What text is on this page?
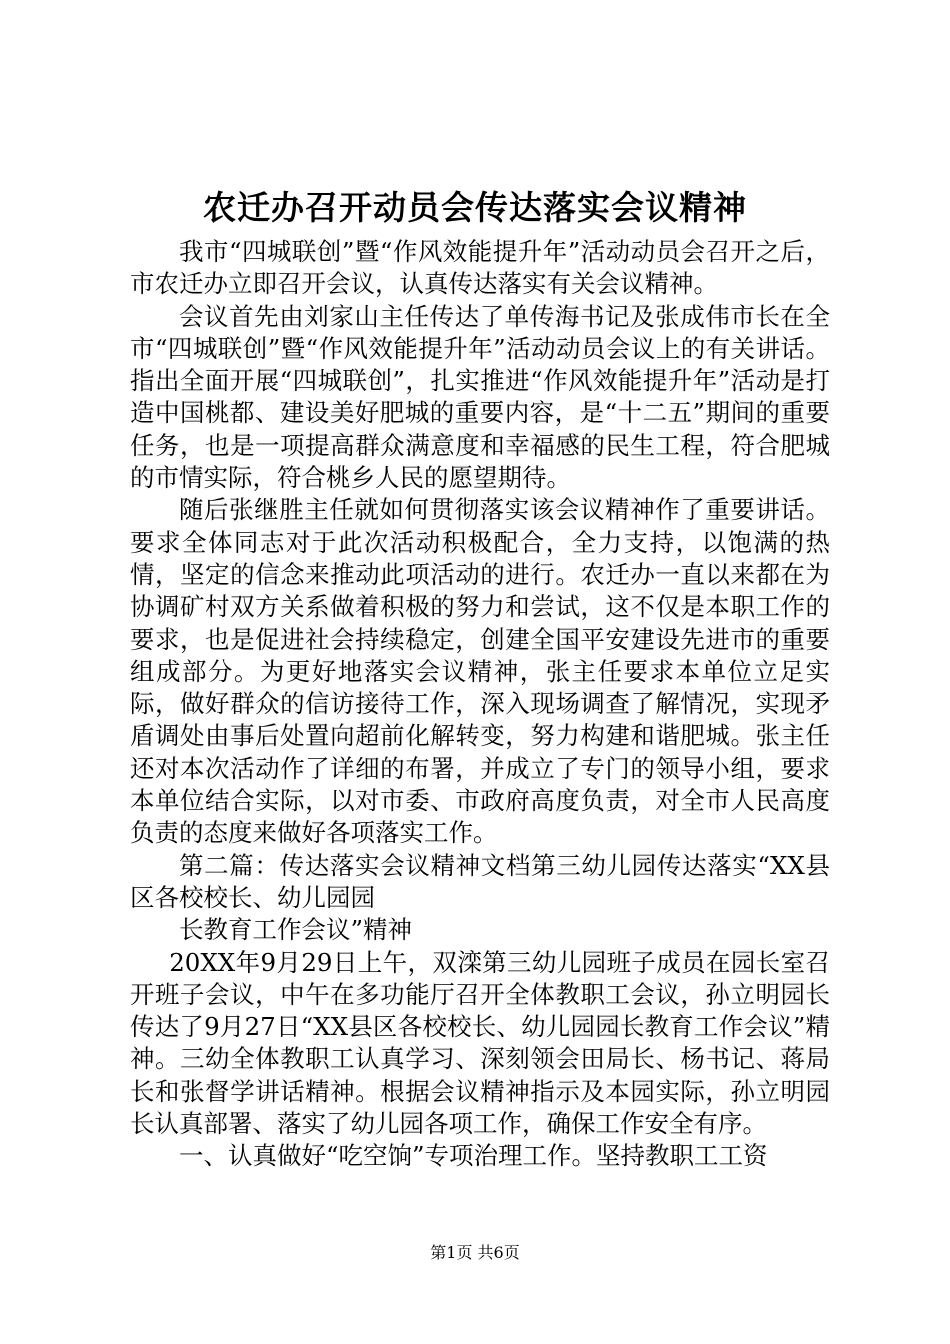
农迁办召开动员会传达落实会议精神

我市“四城联创”暨“作风效能提升年”活动动员会召开之后，市农迁办立即召开会议，认真传达落实有关会议精神。

会议首先由刘家山主任传达了单传海书记及张成伟市长在全市“四城联创”暨“作风效能提升年”活动动员会议上的有关讲话。指出全面开展“四城联创”，扎实推进“作风效能提升年”活动是打造中国桃都、建设美好肥城的重要内容，是“十二五”期间的重要任务，也是一项提高群众满意度和幸福感的民生工程，符合肥城的市情实际，符合桃乡人民的愿望期待。

随后张继胜主任就如何贯彻落实该会议精神作了重要讲话。要求全体同志对于此次活动积极配合，全力支持，以饱满的热情，坚定的信念来推动此项活动的进行。农迁办一直以来都在为协调矿村双方关系做着积极的努力和尝试，这不仅是本职工作的要求，也是促进社会持续稳定，创建全国平安建设先进市的重要组成部分。为更好地落实会议精神，张主任要求本单位立足实际，做好群众的信访接待工作，深入现场调查了解情况，实现矛盾调处由事后处置向超前化解转变，努力构建和谐肥城。张主任还对本次活动作了详细的布署，并成立了专门的领导小组，要求本单位结合实际，以对市委、市政府高度负责，对全市人民高度负责的态度来做好各项落实工作。

第二篇：传达落实会议精神文档第三幼儿园传达落实“XX县区各校校长、幼儿园园

长教育工作会议”精神

20XX年9月29日上午，双滦第三幼儿园班子成员在园长室召开班子会议，中午在多功能厅召开全体教职工会议，孙立明园长传达了9月27日“XX县区各校校长、幼儿园园长教育工作会议”精神。三幼全体教职工认真学习、深刻领会田局长、杨书记、蒋局长和张督学讲话精神。根据会议精神指示及本园实际，孙立明园长认真部署、落实了幼儿园各项工作，确保工作安全有序。

一、认真做好“吃空饷”专项治理工作。坚持教职工工资

第1页 共6页
